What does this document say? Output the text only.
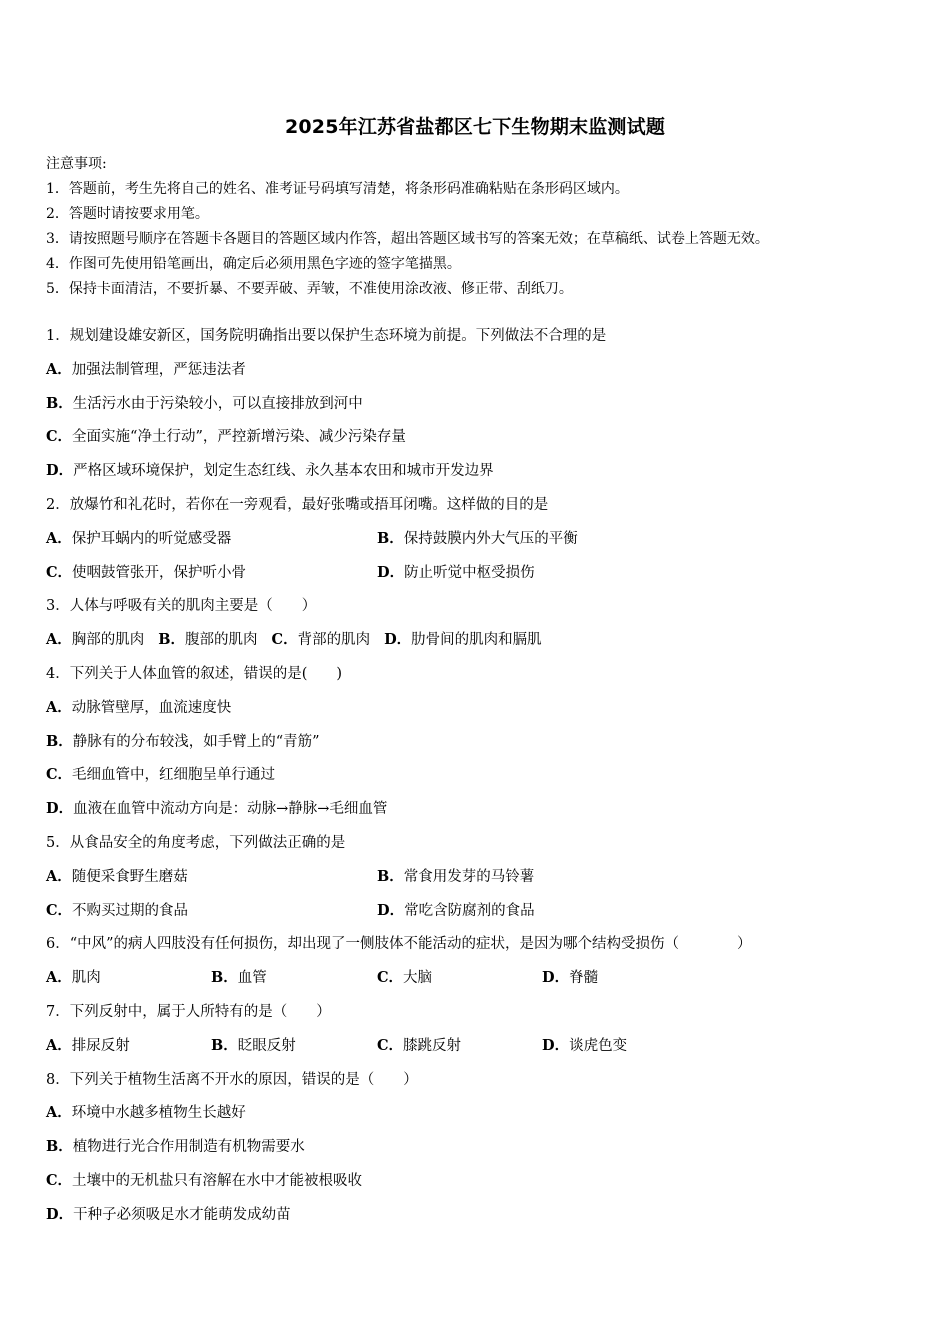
2025年江苏省盐都区七下生物期末监测试题
注意事项:
1．答题前，考生先将自己的姓名、准考证号码填写清楚，将条形码准确粘贴在条形码区域内。
2．答题时请按要求用笔。
3．请按照题号顺序在答题卡各题目的答题区域内作答，超出答题区域书写的答案无效；在草稿纸、试卷上答题无效。
4．作图可先使用铅笔画出，确定后必须用黑色字迹的签字笔描黑。
5．保持卡面清洁，不要折暴、不要弄破、弄皱，不准使用涂改液、修正带、刮纸刀。
1．规划建设雄安新区，国务院明确指出要以保护生态环境为前提。下列做法不合理的是
A．加强法制管理，严惩违法者
B．生活污水由于污染较小，可以直接排放到河中
C．全面实施“净土行动”，严控新增污染、减少污染存量
D．严格区域环境保护，划定生态红线、永久基本农田和城市开发边界
2．放爆竹和礼花时，若你在一旁观看，最好张嘴或捂耳闭嘴。这样做的目的是
A．保护耳蜗内的听觉感受器	B．保持鼓膜内外大气压的平衡
C．使咽鼓管张开，保护听小骨	D．防止听觉中枢受损伤
3．人体与呼吸有关的肌肉主要是（　　）
A．胸部的肌肉 B．腹部的肌肉 C．背部的肌肉 D．肋骨间的肌肉和膈肌
4．下列关于人体血管的叙述，错误的是(　　)
A．动脉管壁厚，血流速度快
B．静脉有的分布较浅，如手臂上的“青筋”
C．毛细血管中，红细胞呈单行通过
D．血液在血管中流动方向是：动脉→静脉→毛细血管
5．从食品安全的角度考虑，下列做法正确的是
A．随便采食野生磨菇	B．常食用发芽的马铃薯
C．不购买过期的食品	D．常吃含防腐剂的食品
6．“中风”的病人四肢没有任何损伤，却出现了一侧肢体不能活动的症状，是因为哪个结构受损伤（　　　　）
A．肌肉	B．血管	C．大脑	D．脊髓
7．下列反射中，属于人所特有的是（　　）
A．排尿反射	B．眨眼反射	C．膝跳反射	D．谈虎色变
8．下列关于植物生活离不开水的原因，错误的是（　　）
A．环境中水越多植物生长越好
B．植物进行光合作用制造有机物需要水
C．土壤中的无机盐只有溶解在水中才能被根吸收
D．干种子必须吸足水才能萌发成幼苗
